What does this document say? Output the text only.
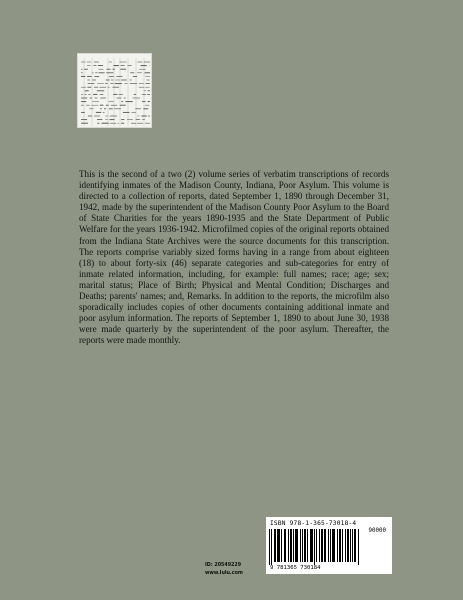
This is the second of a two (2) volume series of verbatim transcriptions of records identifying inmates of the Madison County, Indiana, Poor Asylum. This volume is directed to a collection of reports, dated September 1, 1890 through December 31, 1942, made by the superintendent of the Madison County Poor Asylum to the Board of State Charities for the years 1890-1935 and the State Department of Public Welfare for the years 1936-1942. Microfilmed copies of the original reports obtained from the Indiana State Archives were the source documents for this transcription. The reports comprise variably sized forms having in a range from about eighteen (18) to about forty-six (46) separate categories and sub-categories for entry of inmate related information, including, for example: full names; race; age; sex; marital status; Place of Birth; Physical and Mental Condition; Discharges and Deaths; parents' names; and, Remarks. In addition to the reports, the microfilm also sporadically includes copies of other documents containing additional inmate and poor asylum information. The reports of September 1, 1890 to about June 30, 1938 were made quarterly by the superintendent of the poor asylum. Thereafter, the reports were made monthly.

ISBN 978-1-365-73018-4
90000
9 781365 730184
ID: 20549229
www.lulu.com
